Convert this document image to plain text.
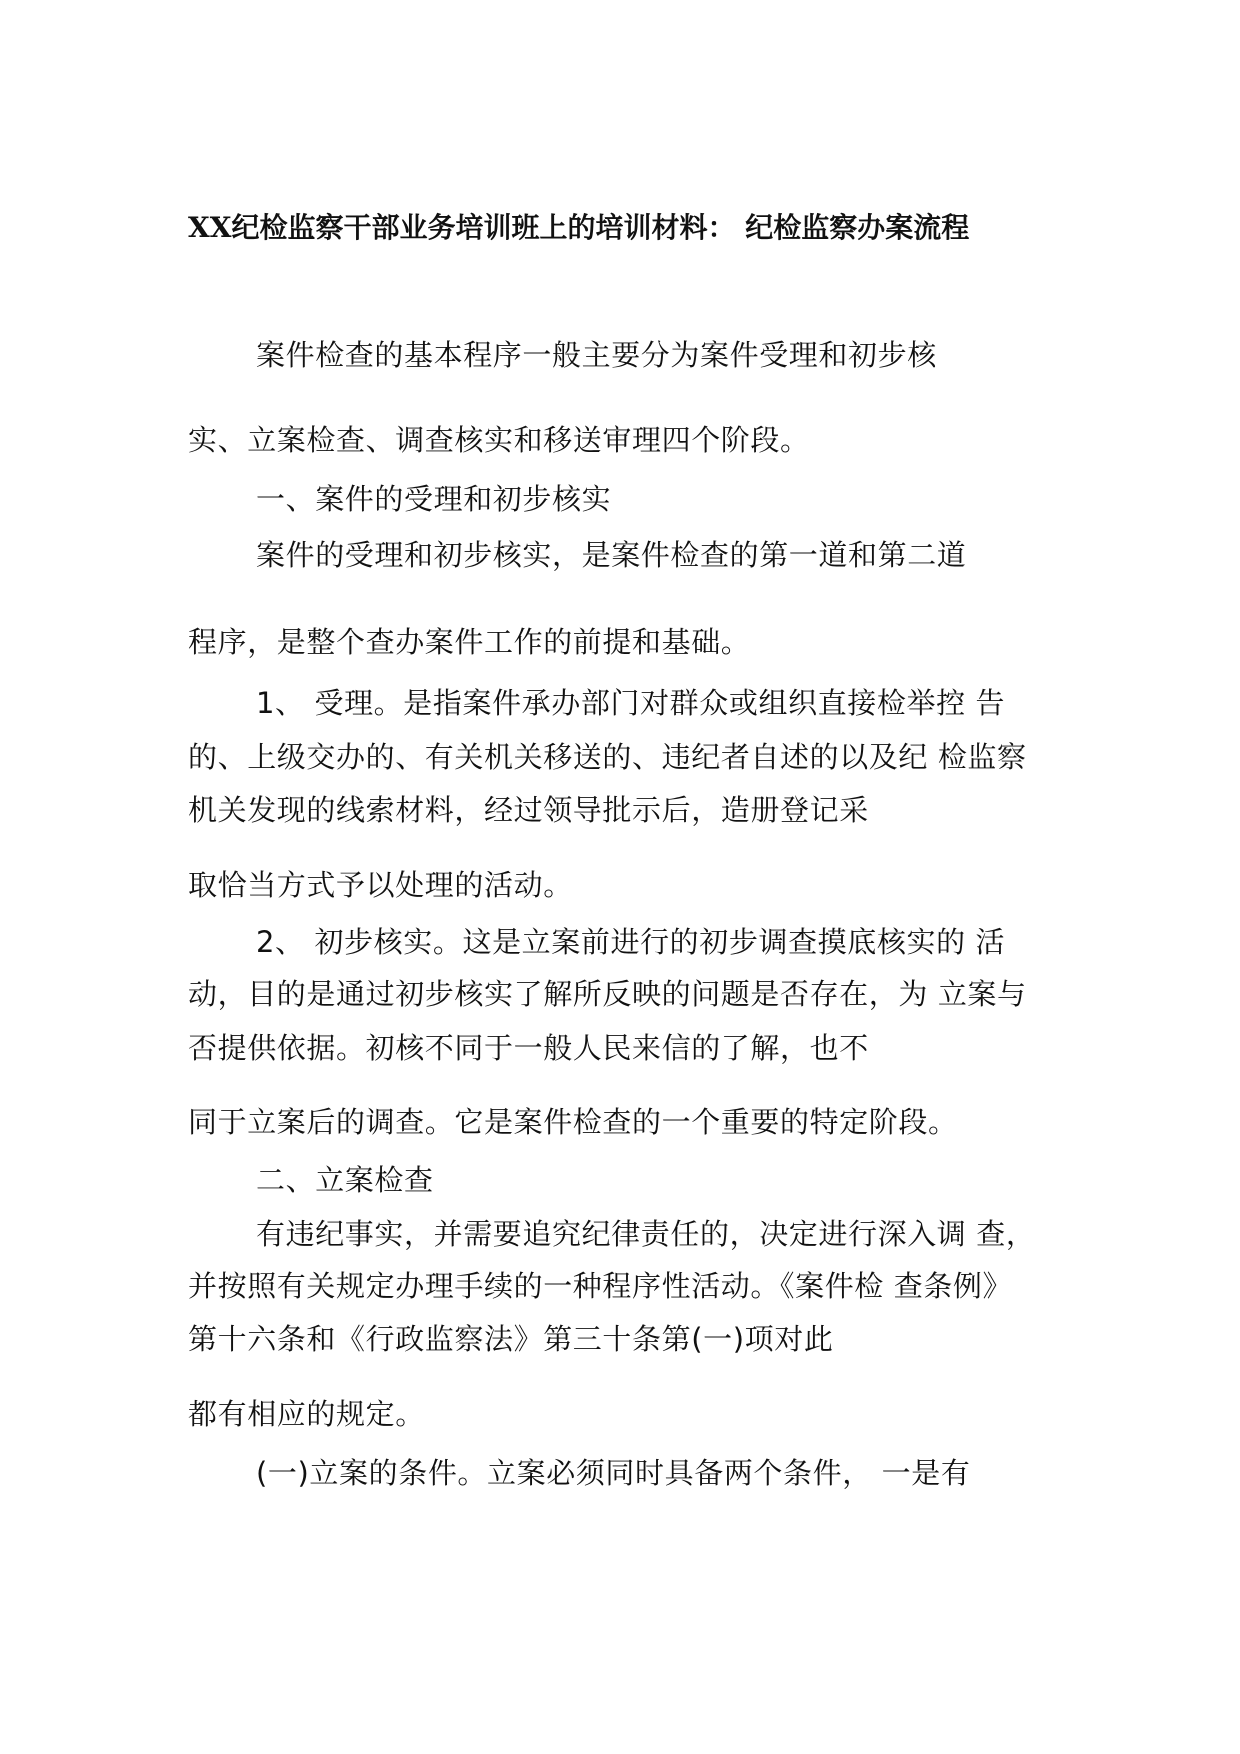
XX纪检监察干部业务培训班上的培训材料： 纪检监察办案流程
案件检查的基本程序一般主要分为案件受理和初步核
实、立案检查、调查核实和移送审理四个阶段。
一、案件的受理和初步核实
案件的受理和初步核实，是案件检查的第一道和第二道
程序，是整个查办案件工作的前提和基础。
1、 受理。是指案件承办部门对群众或组织直接检举控 告
的、上级交办的、有关机关移送的、违纪者自述的以及纪 检监察
机关发现的线索材料，经过领导批示后，造册登记采
取恰当方式予以处理的活动。
2、 初步核实。这是立案前进行的初步调查摸底核实的 活
动，目的是通过初步核实了解所反映的问题是否存在，为 立案与
否提供依据。初核不同于一般人民来信的了解，也不
同于立案后的调查。它是案件检查的一个重要的特定阶段。
二、立案检查
有违纪事实，并需要追究纪律责任的，决定进行深入调 查，
并按照有关规定办理手续的一种程序性活动。《案件检 查条例》
第十六条和《行政监察法》第三十条第(一)项对此
都有相应的规定。
(一)立案的条件。立案必须同时具备两个条件， 一是有
